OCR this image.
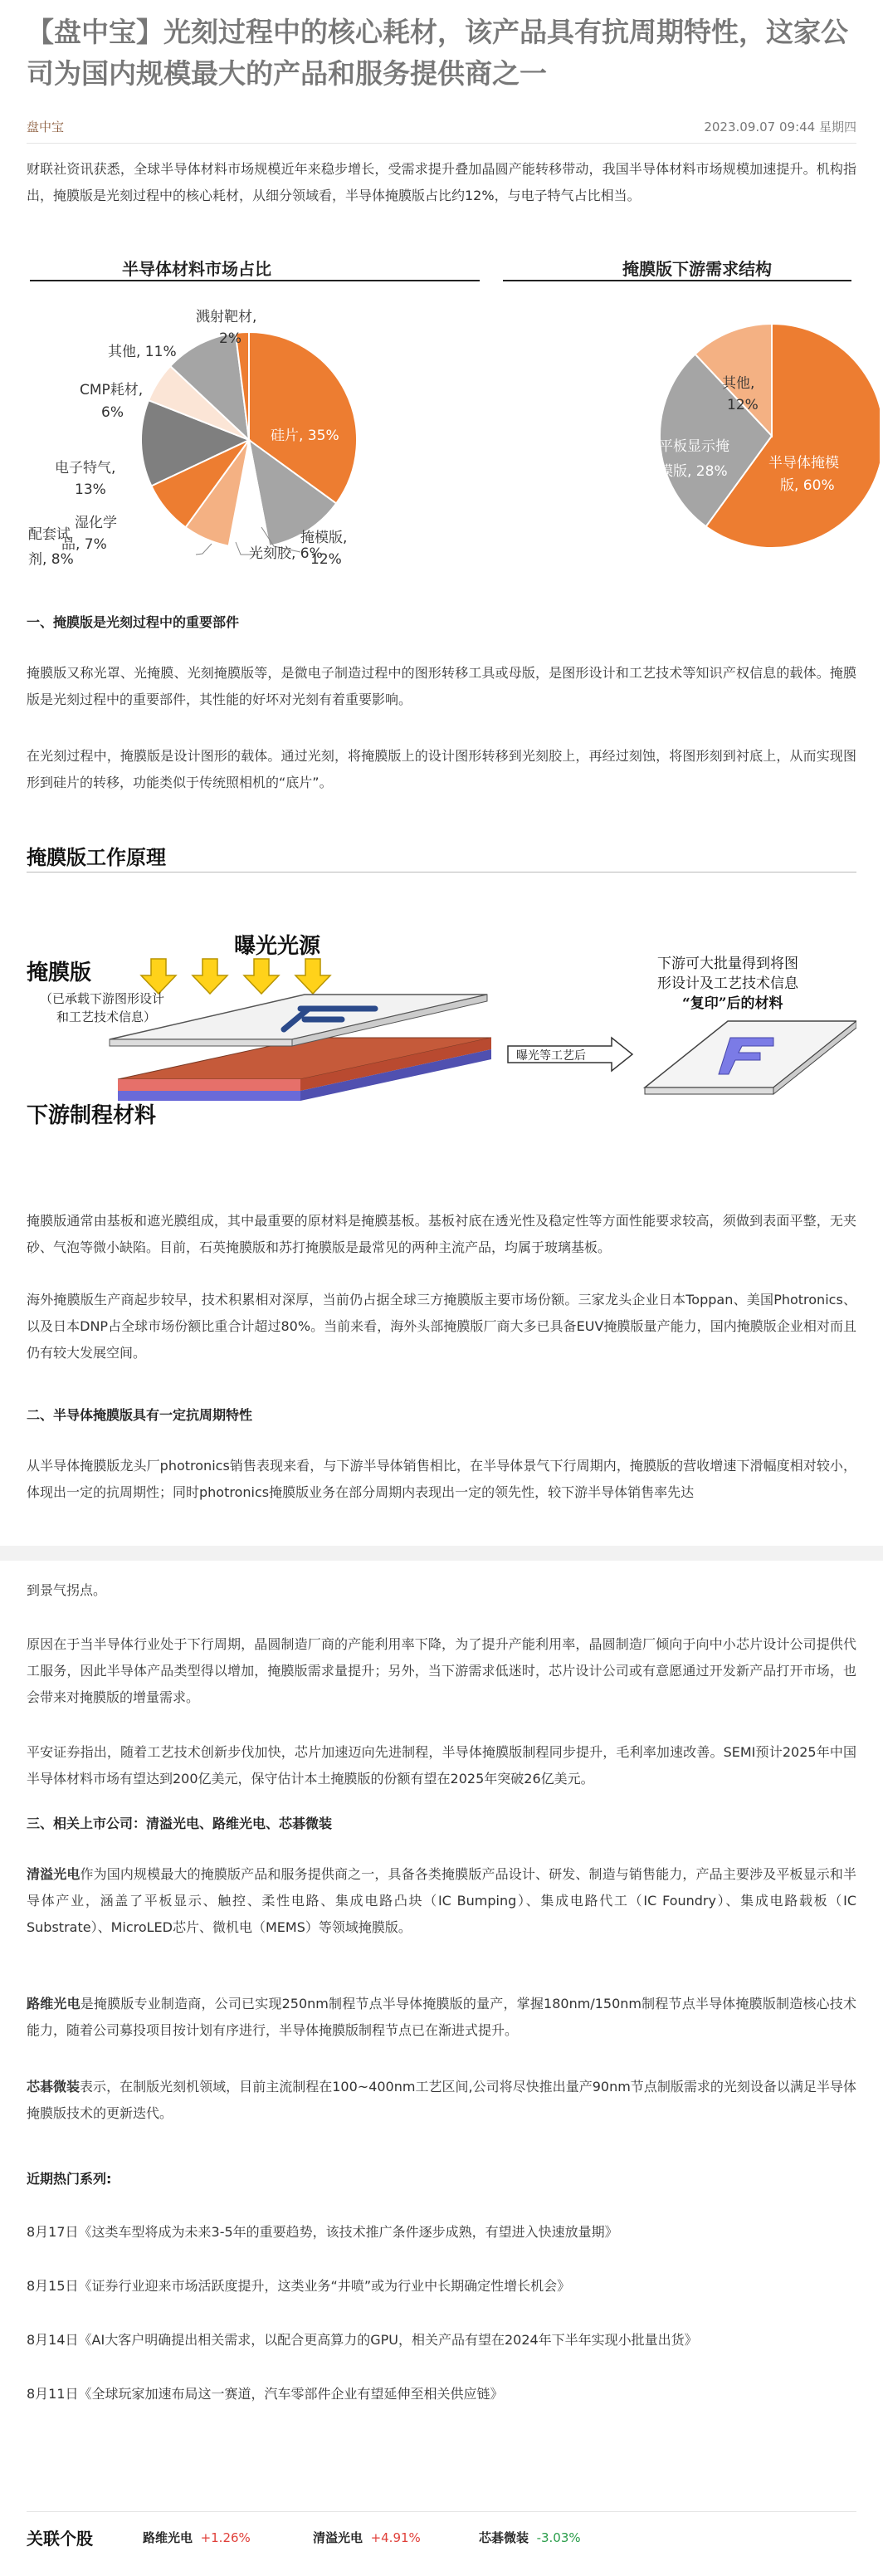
【盘中宝】光刻过程中的核心耗材，该产品具有抗周期特性，这家公司为国内规模最大的产品和服务提供商之一
盘中宝	2023.09.07 09:44 星期四
财联社资讯获悉，全球半导体材料市场规模近年来稳步增长，受需求提升叠加晶圆产能转移带动，我国半导体材料市场规模加速提升。机构指出，掩膜版是光刻过程中的核心耗材，从细分领域看，半导体掩膜版占比约12%，与电子特气占比相当。
半导体材料市场占比	掩膜版下游需求结构
硅片, 35%
掩模版,
12%
光刻胶, 6%
湿化学
品, 7%
配套试
剂, 8%
电子特气,
13%
CMP耗材,
6%
其他, 11%
溅射靶材,
2%
半导体掩模
版, 60%
平板显示掩
模版, 28%
其他,
12%
一、掩膜版是光刻过程中的重要部件
掩膜版又称光罩、光掩膜、光刻掩膜版等，是微电子制造过程中的图形转移工具或母版，是图形设计和工艺技术等知识产权信息的载体。掩膜版是光刻过程中的重要部件，其性能的好坏对光刻有着重要影响。
在光刻过程中，掩膜版是设计图形的载体。通过光刻，将掩膜版上的设计图形转移到光刻胶上，再经过刻蚀，将图形刻到衬底上，从而实现图形到硅片的转移，功能类似于传统照相机的“底片”。
掩膜版工作原理
曝光光源
掩膜版
（已承载下游图形设计
和工艺技术信息）
下游制程材料
曝光等工艺后
下游可大批量得到将图
形设计及工艺技术信息
“复印”后的材料
掩膜版通常由基板和遮光膜组成，其中最重要的原材料是掩膜基板。基板衬底在透光性及稳定性等方面性能要求较高，须做到表面平整，无夹砂、气泡等微小缺陷。目前，石英掩膜版和苏打掩膜版是最常见的两种主流产品，均属于玻璃基板。
海外掩膜版生产商起步较早，技术积累相对深厚，当前仍占据全球三方掩膜版主要市场份额。三家龙头企业日本Toppan、美国Photronics、以及日本DNP占全球市场份额比重合计超过80%。当前来看，海外头部掩膜版厂商大多已具备EUV掩膜版量产能力，国内掩膜版企业相对而且仍有较大发展空间。
二、半导体掩膜版具有一定抗周期特性
从半导体掩膜版龙头厂photronics销售表现来看，与下游半导体销售相比，在半导体景气下行周期内，掩膜版的营收增速下滑幅度相对较小，体现出一定的抗周期性；同时photronics掩膜版业务在部分周期内表现出一定的领先性，较下游半导体销售率先达
到景气拐点。
原因在于当半导体行业处于下行周期，晶圆制造厂商的产能利用率下降，为了提升产能利用率，晶圆制造厂倾向于向中小芯片设计公司提供代工服务，因此半导体产品类型得以增加，掩膜版需求量提升；另外，当下游需求低迷时，芯片设计公司或有意愿通过开发新产品打开市场，也会带来对掩膜版的增量需求。
平安证券指出，随着工艺技术创新步伐加快，芯片加速迈向先进制程，半导体掩膜版制程同步提升，毛利率加速改善。SEMI预计2025年中国半导体材料市场有望达到200亿美元，保守估计本土掩膜版的份额有望在2025年突破26亿美元。
三、相关上市公司：清溢光电、路维光电、芯碁微装
清溢光电作为国内规模最大的掩膜版产品和服务提供商之一，具备各类掩膜版产品设计、研发、制造与销售能力，产品主要涉及平板显示和半导体产业，涵盖了平板显示、触控、柔性电路、集成电路凸块（IC Bumping）、集成电路代工（IC Foundry）、集成电路载板（IC Substrate）、MicroLED芯片、微机电（MEMS）等领域掩膜版。
路维光电是掩膜版专业制造商，公司已实现250nm制程节点半导体掩膜版的量产，掌握180nm/150nm制程节点半导体掩膜版制造核心技术能力，随着公司募投项目按计划有序进行，半导体掩膜版制程节点已在渐进式提升。
芯碁微装表示，在制版光刻机领域，目前主流制程在100~400nm工艺区间,公司将尽快推出量产90nm节点制版需求的光刻设备以满足半导体掩膜版技术的更新迭代。
近期热门系列:
8月17日《这类车型将成为未来3-5年的重要趋势，该技术推广条件逐步成熟，有望进入快速放量期》
8月15日《证券行业迎来市场活跃度提升，这类业务“井喷”或为行业中长期确定性增长机会》
8月14日《AI大客户明确提出相关需求，以配合更高算力的GPU，相关产品有望在2024年下半年实现小批量出货》
8月11日《全球玩家加速布局这一赛道，汽车零部件企业有望延伸至相关供应链》
关联个股	路维光电 +1.26%	清溢光电 +4.91%	芯碁微装 -3.03%
